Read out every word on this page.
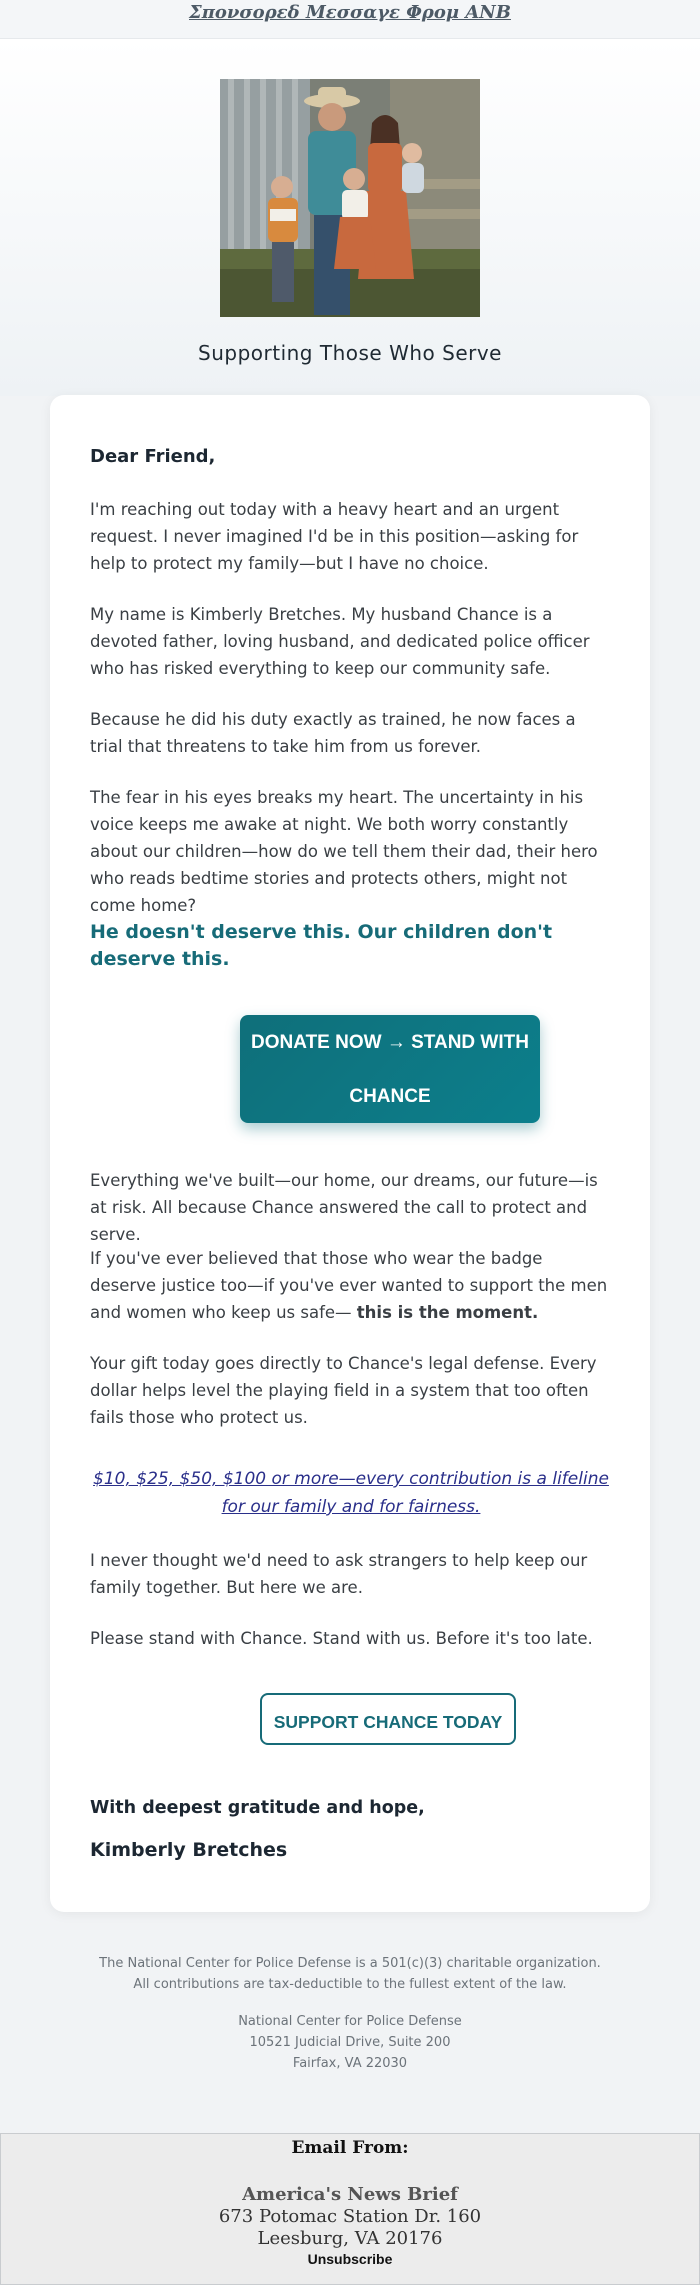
Σπονσορεδ Μεσσαγε Φρομ ΑΝΒ
Supporting Those Who Serve

Dear Friend,

I'm reaching out today with a heavy heart and an urgent request. I never imagined I'd be in this position—asking for help to protect my family—but I have no choice.

My name is Kimberly Bretches. My husband Chance is a devoted father, loving husband, and dedicated police officer who has risked everything to keep our community safe.

Because he did his duty exactly as trained, he now faces a trial that threatens to take him from us forever.

The fear in his eyes breaks my heart. The uncertainty in his voice keeps me awake at night. We both worry constantly about our children—how do we tell them their dad, their hero who reads bedtime stories and protects others, might not come home?

He doesn't deserve this. Our children don't deserve this.

DONATE NOW → STAND WITH CHANCE

Everything we've built—our home, our dreams, our future—is at risk. All because Chance answered the call to protect and serve.

If you've ever believed that those who wear the badge deserve justice too—if you've ever wanted to support the men and women who keep us safe— this is the moment.

Your gift today goes directly to Chance's legal defense. Every dollar helps level the playing field in a system that too often fails those who protect us.

$10, $25, $50, $100 or more—every contribution is a lifeline for our family and for fairness.

I never thought we'd need to ask strangers to help keep our family together. But here we are.

Please stand with Chance. Stand with us. Before it's too late.

SUPPORT CHANCE TODAY

With deepest gratitude and hope,

Kimberly Bretches

The National Center for Police Defense is a 501(c)(3) charitable organization.
All contributions are tax-deductible to the fullest extent of the law.
National Center for Police Defense
10521 Judicial Drive, Suite 200
Fairfax, VA 22030
Email From:
America's News Brief
673 Potomac Station Dr. 160
Leesburg, VA 20176
Unsubscribe
